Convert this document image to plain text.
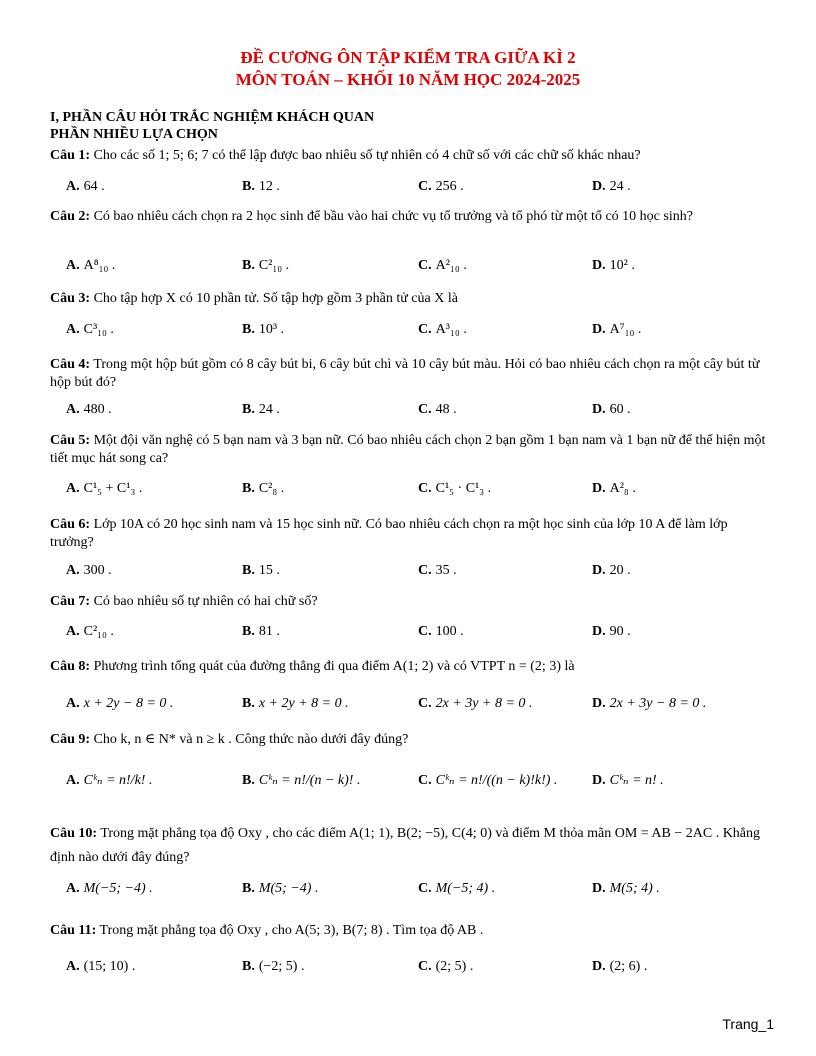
ĐỀ CƯƠNG ÔN TẬP KIỂM TRA GIỮA KÌ 2
MÔN TOÁN – KHỐI 10 NĂM HỌC 2024-2025
I, PHẦN CÂU HỎI TRẮC NGHIỆM KHÁCH QUAN
PHẦN NHIỀU LỰA CHỌN
Câu 1: Cho các số 1; 5; 6; 7 có thể lập được bao nhiêu số tự nhiên có 4 chữ số với các chữ số khác nhau?
A. 64 .	B. 12 .	C. 256 .	D. 24 .
Câu 2: Có bao nhiêu cách chọn ra 2 học sinh để bầu vào hai chức vụ tổ trưởng và tổ phó từ một tổ có 10 học sinh?
A. A⁸₁₀ .	B. C²₁₀ .	C. A²₁₀ .	D. 10² .
Câu 3: Cho tập hợp X có 10 phần tử. Số tập hợp gồm 3 phần tử của X là
A. C³₁₀ .	B. 10³ .	C. A³₁₀ .	D. A⁷₁₀ .
Câu 4: Trong một hộp bút gồm có 8 cây bút bi, 6 cây bút chì và 10 cây bút màu. Hỏi có bao nhiêu cách chọn ra một cây bút từ hộp bút đó?
A. 480 .	B. 24 .	C. 48 .	D. 60 .
Câu 5: Một đội văn nghệ có 5 bạn nam và 3 bạn nữ. Có bao nhiêu cách chọn 2 bạn gồm 1 bạn nam và 1 bạn nữ để thể hiện một tiết mục hát song ca?
A. C¹₅ + C¹₃ .	B. C²₈ .	C. C¹₅ · C¹₃ .	D. A²₈ .
Câu 6: Lớp 10A có 20 học sinh nam và 15 học sinh nữ. Có bao nhiêu cách chọn ra một học sinh của lớp 10 A để làm lớp trưởng?
A. 300 .	B. 15 .	C. 35 .	D. 20 .
Câu 7: Có bao nhiêu số tự nhiên có hai chữ số?
A. C²₁₀ .	B. 81 .	C. 100 .	D. 90 .
Câu 8: Phương trình tổng quát của đường thẳng đi qua điểm A(1; 2) và có VTPT n = (2; 3) là
A. x + 2y − 8 = 0 .	B. x + 2y + 8 = 0 .	C. 2x + 3y + 8 = 0 .	D. 2x + 3y − 8 = 0 .
Câu 9: Cho k, n ∈ N* và n ≥ k . Công thức nào dưới đây đúng?
A. Cᵏₙ = n!/k! .	B. Cᵏₙ = n!/(n − k)! .	C. Cᵏₙ = n!/((n − k)!k!) . D. Cᵏₙ = n! .
Câu 10: Trong mặt phẳng tọa độ Oxy , cho các điểm A(1; 1), B(2; −5), C(4; 0) và điểm M thỏa mãn OM = AB − 2AC . Khẳng định nào dưới đây đúng?
A. M(−5; −4) .	B. M(5; −4) .	C. M(−5; 4) .	D. M(5; 4) .
Câu 11: Trong mặt phẳng tọa độ Oxy , cho A(5; 3), B(7; 8) . Tìm tọa độ AB .
A. (15; 10) .	B. (−2; 5) .	C. (2; 5) .	D. (2; 6) .
Trang_1
